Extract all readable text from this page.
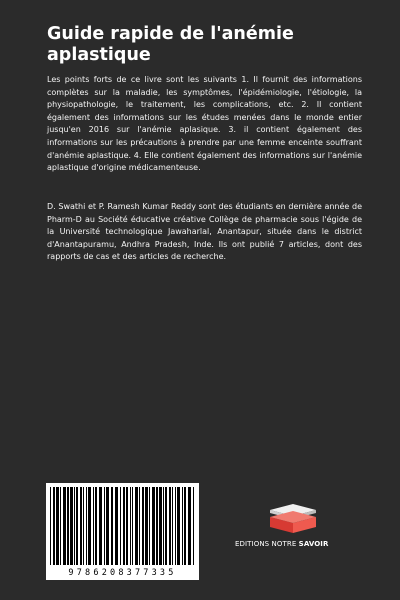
Guide rapide de l'anémie aplastique

Les points forts de ce livre sont les suivants 1. Il fournit des informations complètes sur la maladie, les symptômes, l'épidémiologie, l'étiologie, la physiopathologie, le traitement, les complications, etc. 2. Il contient également des informations sur les études menées dans le monde entier jusqu'en 2016 sur l'anémie aplasique. 3. il contient également des informations sur les précautions à prendre par une femme enceinte souffrant d'anémie aplastique. 4. Elle contient également des informations sur l'anémie aplastique d'origine médicamenteuse.

D. Swathi et P. Ramesh Kumar Reddy sont des étudiants en dernière année de Pharm-D au Société éducative créative Collège de pharmacie sous l'égide de la Université technologique Jawaharlal, Anantapur, située dans le district d'Anantapuramu, Andhra Pradesh, Inde. Ils ont publié 7 articles, dont des rapports de cas et des articles de recherche.

9786208377335
EDITIONS NOTRE SAVOIR
